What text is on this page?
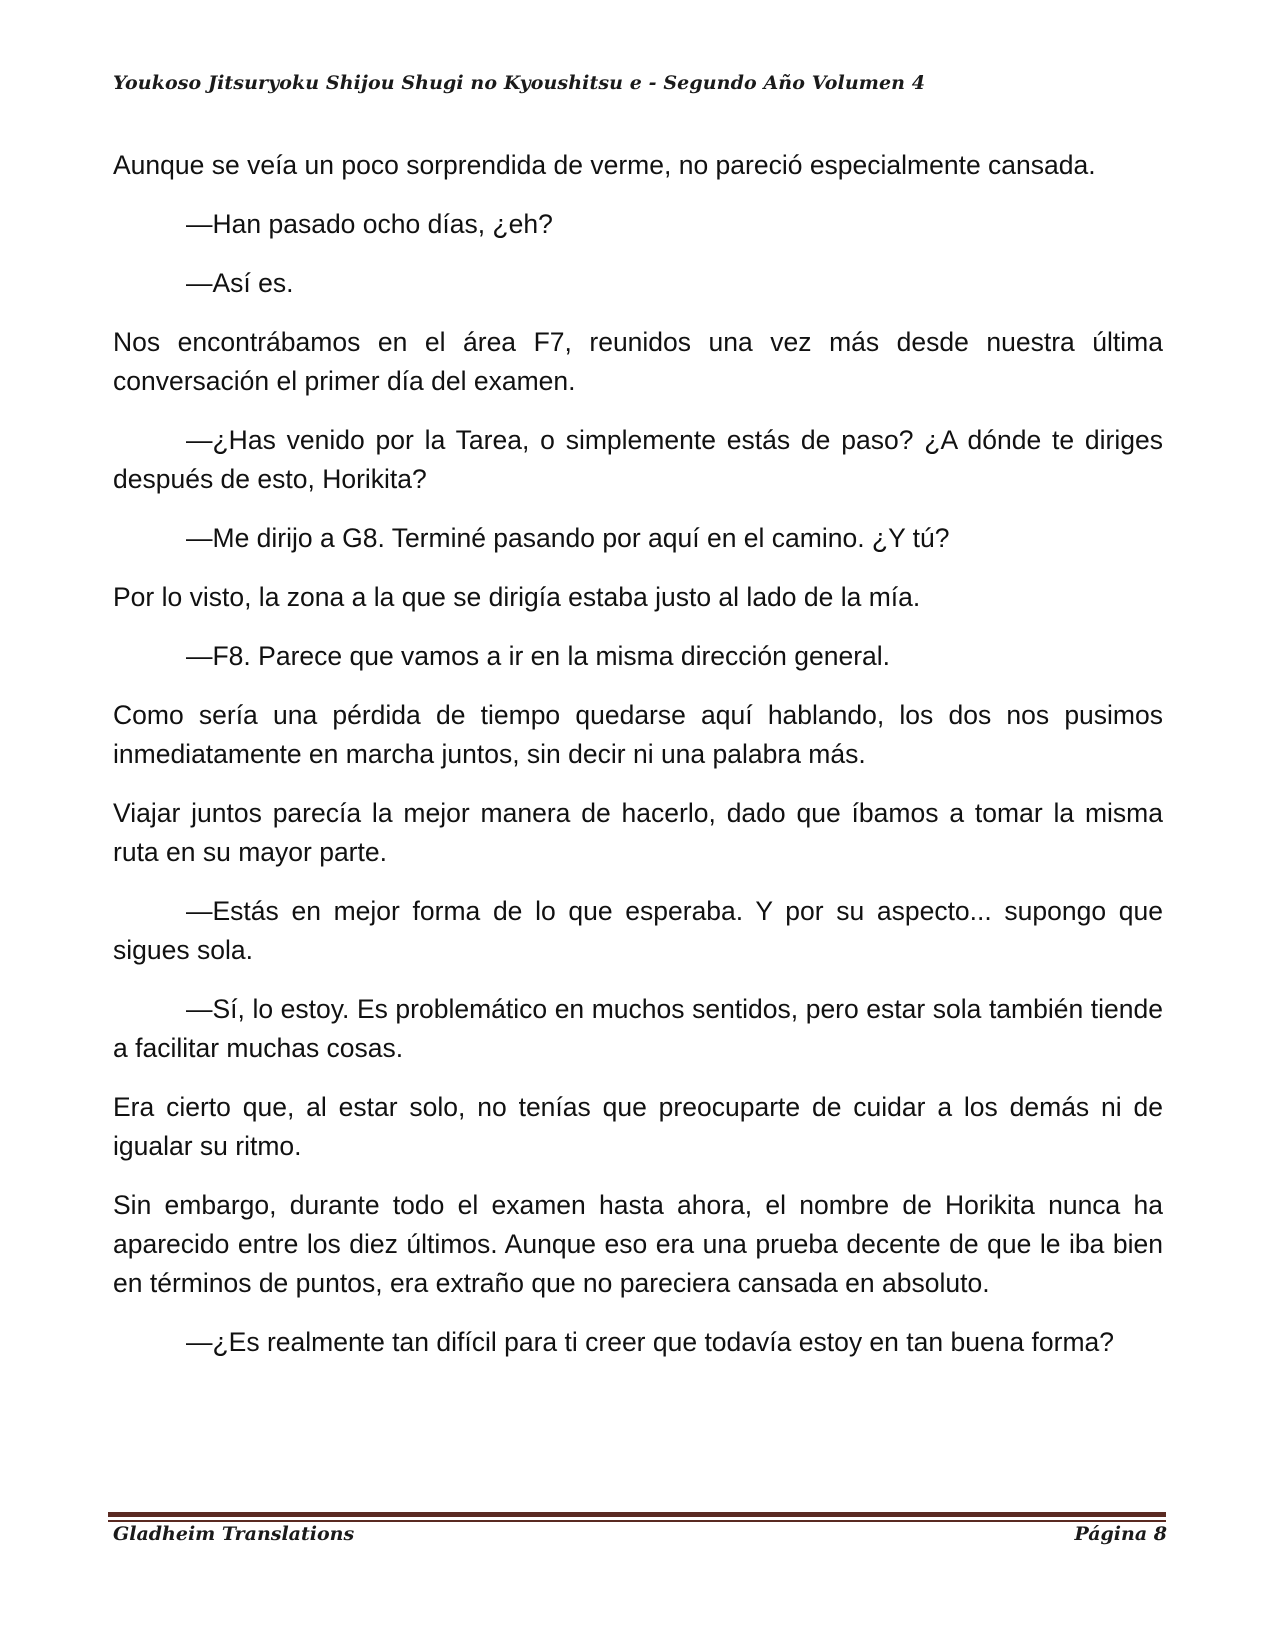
Youkoso Jitsuryoku Shijou Shugi no Kyoushitsu e - Segundo Año Volumen 4

Aunque se veía un poco sorprendida de verme, no pareció especialmente cansada.

—Han pasado ocho días, ¿eh?

—Así es.

Nos encontrábamos en el área F7, reunidos una vez más desde nuestra última conversación el primer día del examen.

—¿Has venido por la Tarea, o simplemente estás de paso? ¿A dónde te diriges después de esto, Horikita?

—Me dirijo a G8. Terminé pasando por aquí en el camino. ¿Y tú?

Por lo visto, la zona a la que se dirigía estaba justo al lado de la mía.

—F8. Parece que vamos a ir en la misma dirección general.

Como sería una pérdida de tiempo quedarse aquí hablando, los dos nos pusimos inmediatamente en marcha juntos, sin decir ni una palabra más.

Viajar juntos parecía la mejor manera de hacerlo, dado que íbamos a tomar la misma ruta en su mayor parte.

—Estás en mejor forma de lo que esperaba. Y por su aspecto... supongo que sigues sola.

—Sí, lo estoy. Es problemático en muchos sentidos, pero estar sola también tiende a facilitar muchas cosas.

Era cierto que, al estar solo, no tenías que preocuparte de cuidar a los demás ni de igualar su ritmo.

Sin embargo, durante todo el examen hasta ahora, el nombre de Horikita nunca ha aparecido entre los diez últimos. Aunque eso era una prueba decente de que le iba bien en términos de puntos, era extraño que no pareciera cansada en absoluto.

—¿Es realmente tan difícil para ti creer que todavía estoy en tan buena forma?

Gladheim Translations	Página 8
